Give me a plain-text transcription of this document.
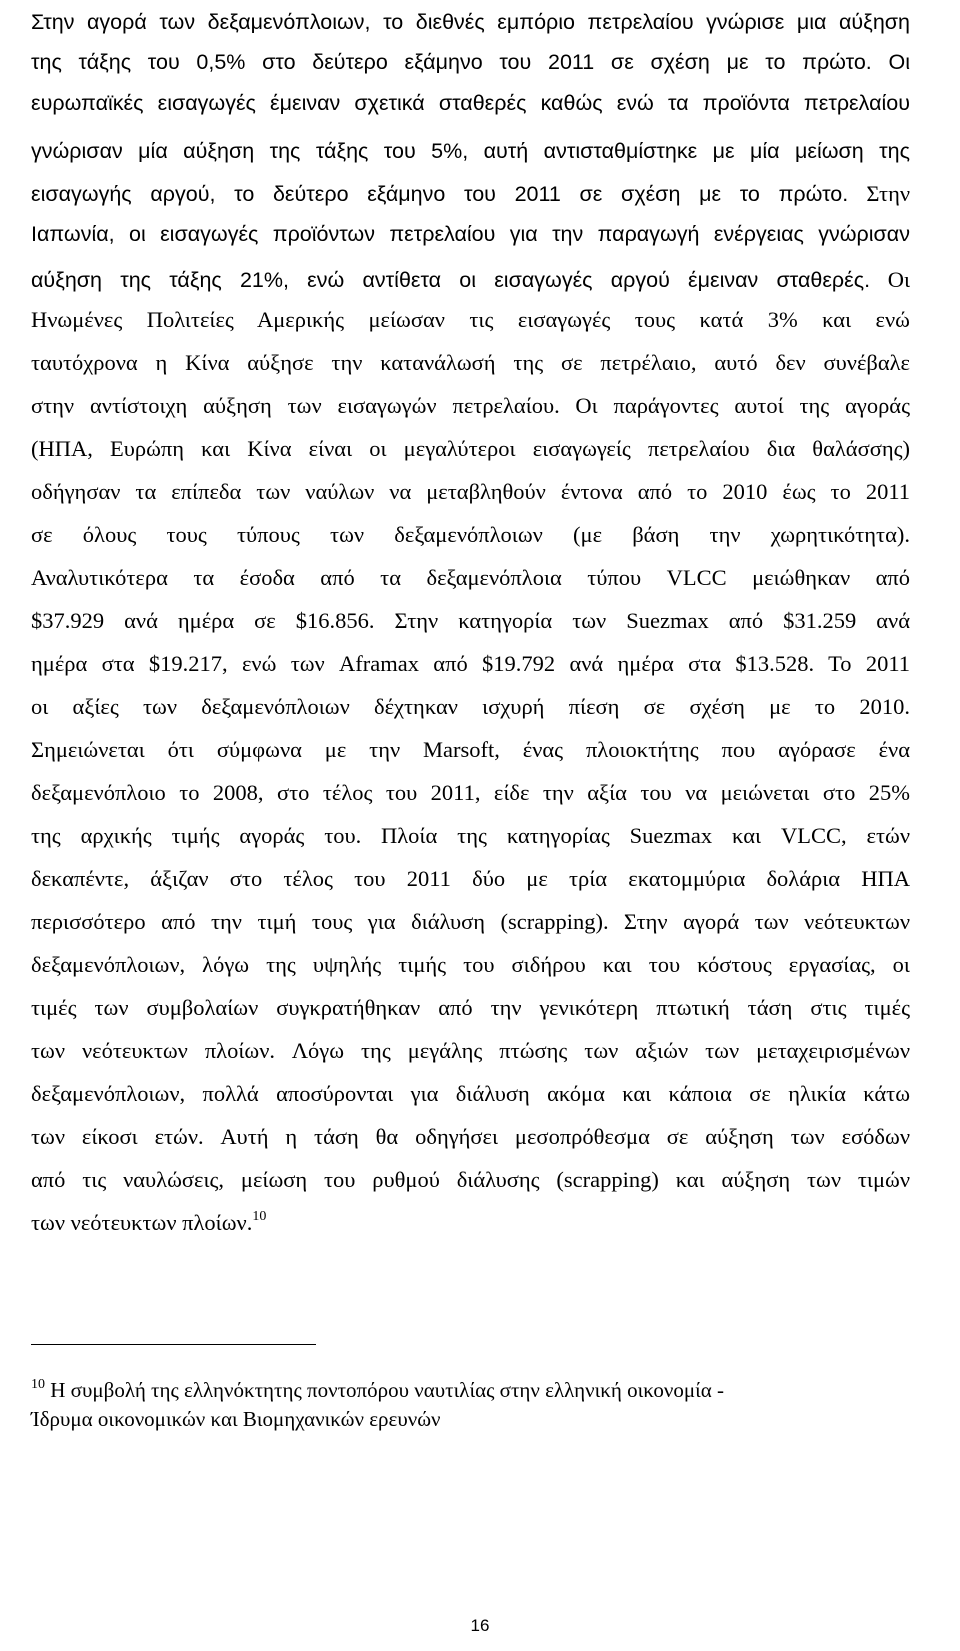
Στην αγορά των δεξαμενόπλοιων, το διεθνές εμπόριο πετρελαίου γνώρισε μια αύξηση
της τάξης του 0,5% στο δεύτερο εξάμηνο του 2011 σε σχέση με το πρώτο. Οι
ευρωπαϊκές εισαγωγές έμειναν σχετικά σταθερές καθώς ενώ τα προϊόντα πετρελαίου
γνώρισαν μία αύξηση της τάξης του 5%, αυτή αντισταθμίστηκε με μία μείωση της
εισαγωγής αργού, το δεύτερο εξάμηνο του 2011 σε σχέση με το πρώτο. Στην
Ιαπωνία, οι εισαγωγές προϊόντων πετρελαίου για την παραγωγή ενέργειας γνώρισαν
αύξηση της τάξης 21%, ενώ αντίθετα οι εισαγωγές αργού έμειναν σταθερές. Οι
Ηνωμένες Πολιτείες Αμερικής μείωσαν τις εισαγωγές τους κατά 3% και ενώ
ταυτόχρονα η Κίνα αύξησε την κατανάλωσή της σε πετρέλαιο, αυτό δεν συνέβαλε
στην αντίστοιχη αύξηση των εισαγωγών πετρελαίου. Οι παράγοντες αυτοί της αγοράς
(ΗΠΑ, Ευρώπη και Κίνα είναι οι μεγαλύτεροι εισαγωγείς πετρελαίου δια θαλάσσης)
οδήγησαν τα επίπεδα των ναύλων να μεταβληθούν έντονα από το 2010 έως το 2011
σε όλους τους τύπους των δεξαμενόπλοιων (με βάση την χωρητικότητα).
Αναλυτικότερα τα έσοδα από τα δεξαμενόπλοια τύπου VLCC μειώθηκαν από
$37.929 ανά ημέρα σε $16.856. Στην κατηγορία των Suezmax από $31.259 ανά
ημέρα στα $19.217, ενώ των Aframax από $19.792 ανά ημέρα στα $13.528. Το 2011
οι αξίες των δεξαμενόπλοιων δέχτηκαν ισχυρή πίεση σε σχέση με το 2010.
Σημειώνεται ότι σύμφωνα με την Marsoft, ένας πλοιοκτήτης που αγόρασε ένα
δεξαμενόπλοιο το 2008, στο τέλος του 2011, είδε την αξία του να μειώνεται στο 25%
της αρχικής τιμής αγοράς του. Πλοία της κατηγορίας Suezmax και VLCC, ετών
δεκαπέντε, άξιζαν στο τέλος του 2011 δύο με τρία εκατομμύρια δολάρια ΗΠΑ
περισσότερο από την τιμή τους για διάλυση (scrapping). Στην αγορά των νεότευκτων
δεξαμενόπλοιων, λόγω της υψηλής τιμής του σιδήρου και του κόστους εργασίας, οι
τιμές των συμβολαίων συγκρατήθηκαν από την γενικότερη πτωτική τάση στις τιμές
των νεότευκτων πλοίων. Λόγω της μεγάλης πτώσης των αξιών των μεταχειρισμένων
δεξαμενόπλοιων, πολλά αποσύρονται για διάλυση ακόμα και κάποια σε ηλικία κάτω
των είκοσι ετών. Αυτή η τάση θα οδηγήσει μεσοπρόθεσμα σε αύξηση των εσόδων
από τις ναυλώσεις, μείωση του ρυθμού διάλυσης (scrapping) και αύξηση των τιμών
των νεότευκτων πλοίων.$^{10}$
$^{10}$ Η συμβολή της ελληνόκτητης ποντοπόρου ναυτιλίας στην ελληνική οικονομία -
Ίδρυμα οικονομικών και Βιομηχανικών ερευνών
16
